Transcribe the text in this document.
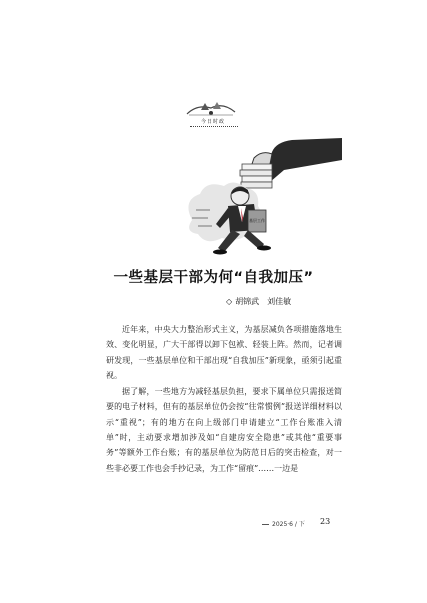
今日时政
基层工作
一些基层干部为何“自我加压”
◇ 胡锦武 刘佳敏

近年来，中央大力整治形式主义，为基层减负各项措施落地生效、变化明显，广大干部得以卸下包袱、轻装上阵。然而，记者调研发现，一些基层单位和干部出现“自我加压”新现象，亟须引起重视。

据了解，一些地方为减轻基层负担，要求下属单位只需报送简要的电子材料，但有的基层单位仍会按“往常惯例”报送详细材料以示“重视”；有的地方在向上级部门申请建立“工作台账准入清单”时，主动要求增加涉及如“自建房安全隐患”或其他“重要事务”等额外工作台账；有的基层单位为防范日后的突击检查，对一些非必要工作也会手抄记录，为工作“留痕”……一边是

2025·6 / 下 23
